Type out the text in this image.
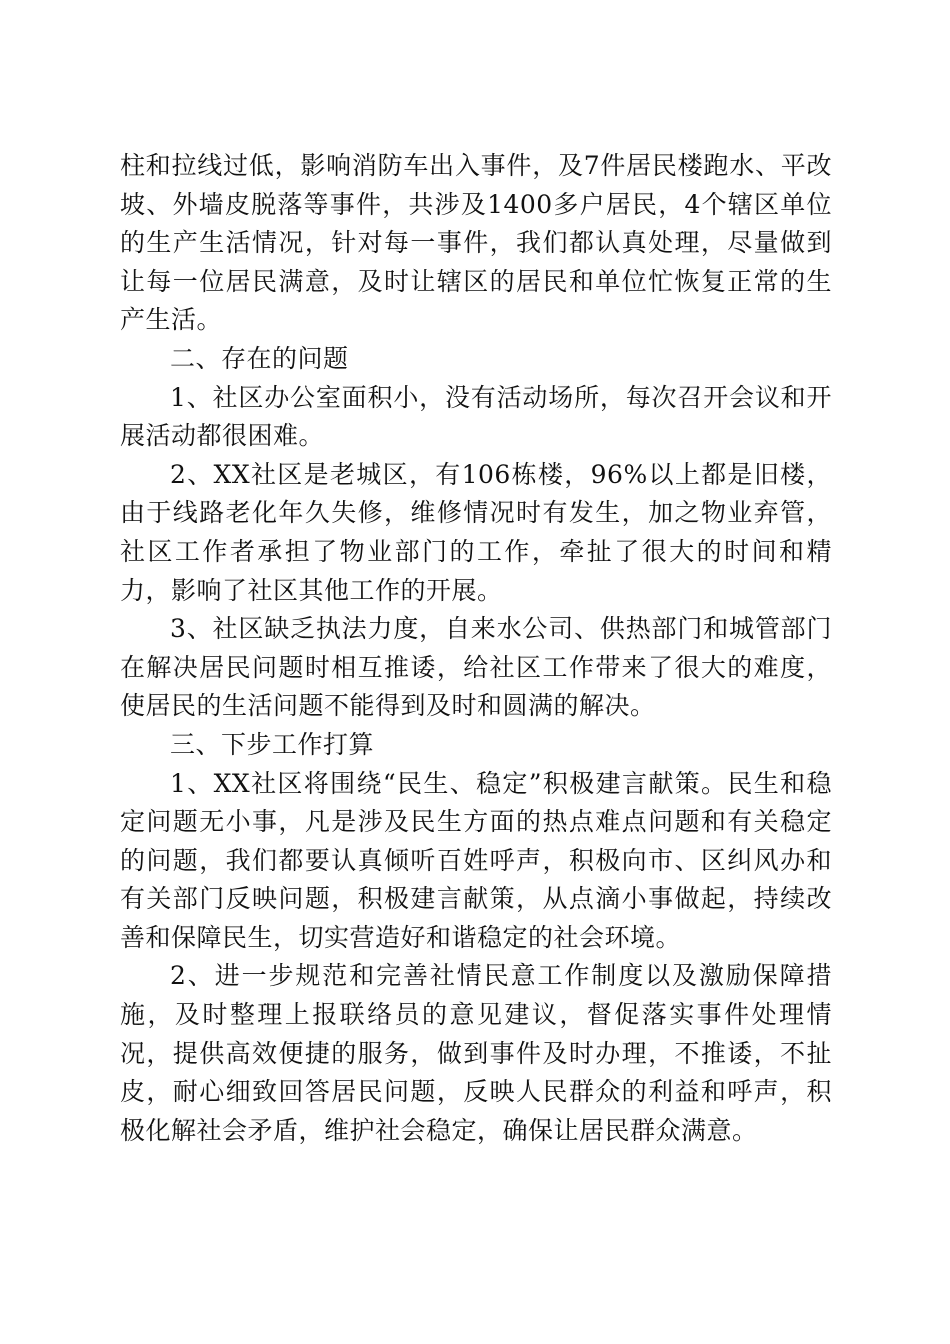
柱和拉线过低，影响消防车出入事件，及7件居民楼跑水、平改坡、外墙皮脱落等事件，共涉及1400多户居民，4个辖区单位的生产生活情况，针对每一事件，我们都认真处理，尽量做到让每一位居民满意，及时让辖区的居民和单位忙恢复正常的生产生活。

二、存在的问题

1、社区办公室面积小，没有活动场所，每次召开会议和开展活动都很困难。

2、XX社区是老城区，有106栋楼，96%以上都是旧楼，由于线路老化年久失修，维修情况时有发生，加之物业弃管，社区工作者承担了物业部门的工作，牵扯了很大的时间和精力，影响了社区其他工作的开展。

3、社区缺乏执法力度，自来水公司、供热部门和城管部门在解决居民问题时相互推诿，给社区工作带来了很大的难度，使居民的生活问题不能得到及时和圆满的解决。

三、下步工作打算

1、XX社区将围绕“民生、稳定”积极建言献策。民生和稳定问题无小事，凡是涉及民生方面的热点难点问题和有关稳定的问题，我们都要认真倾听百姓呼声，积极向市、区纠风办和有关部门反映问题，积极建言献策，从点滴小事做起，持续改善和保障民生，切实营造好和谐稳定的社会环境。

2、进一步规范和完善社情民意工作制度以及激励保障措施，及时整理上报联络员的意见建议，督促落实事件处理情况，提供高效便捷的服务，做到事件及时办理，不推诿，不扯皮，耐心细致回答居民问题，反映人民群众的利益和呼声，积极化解社会矛盾，维护社会稳定，确保让居民群众满意。
